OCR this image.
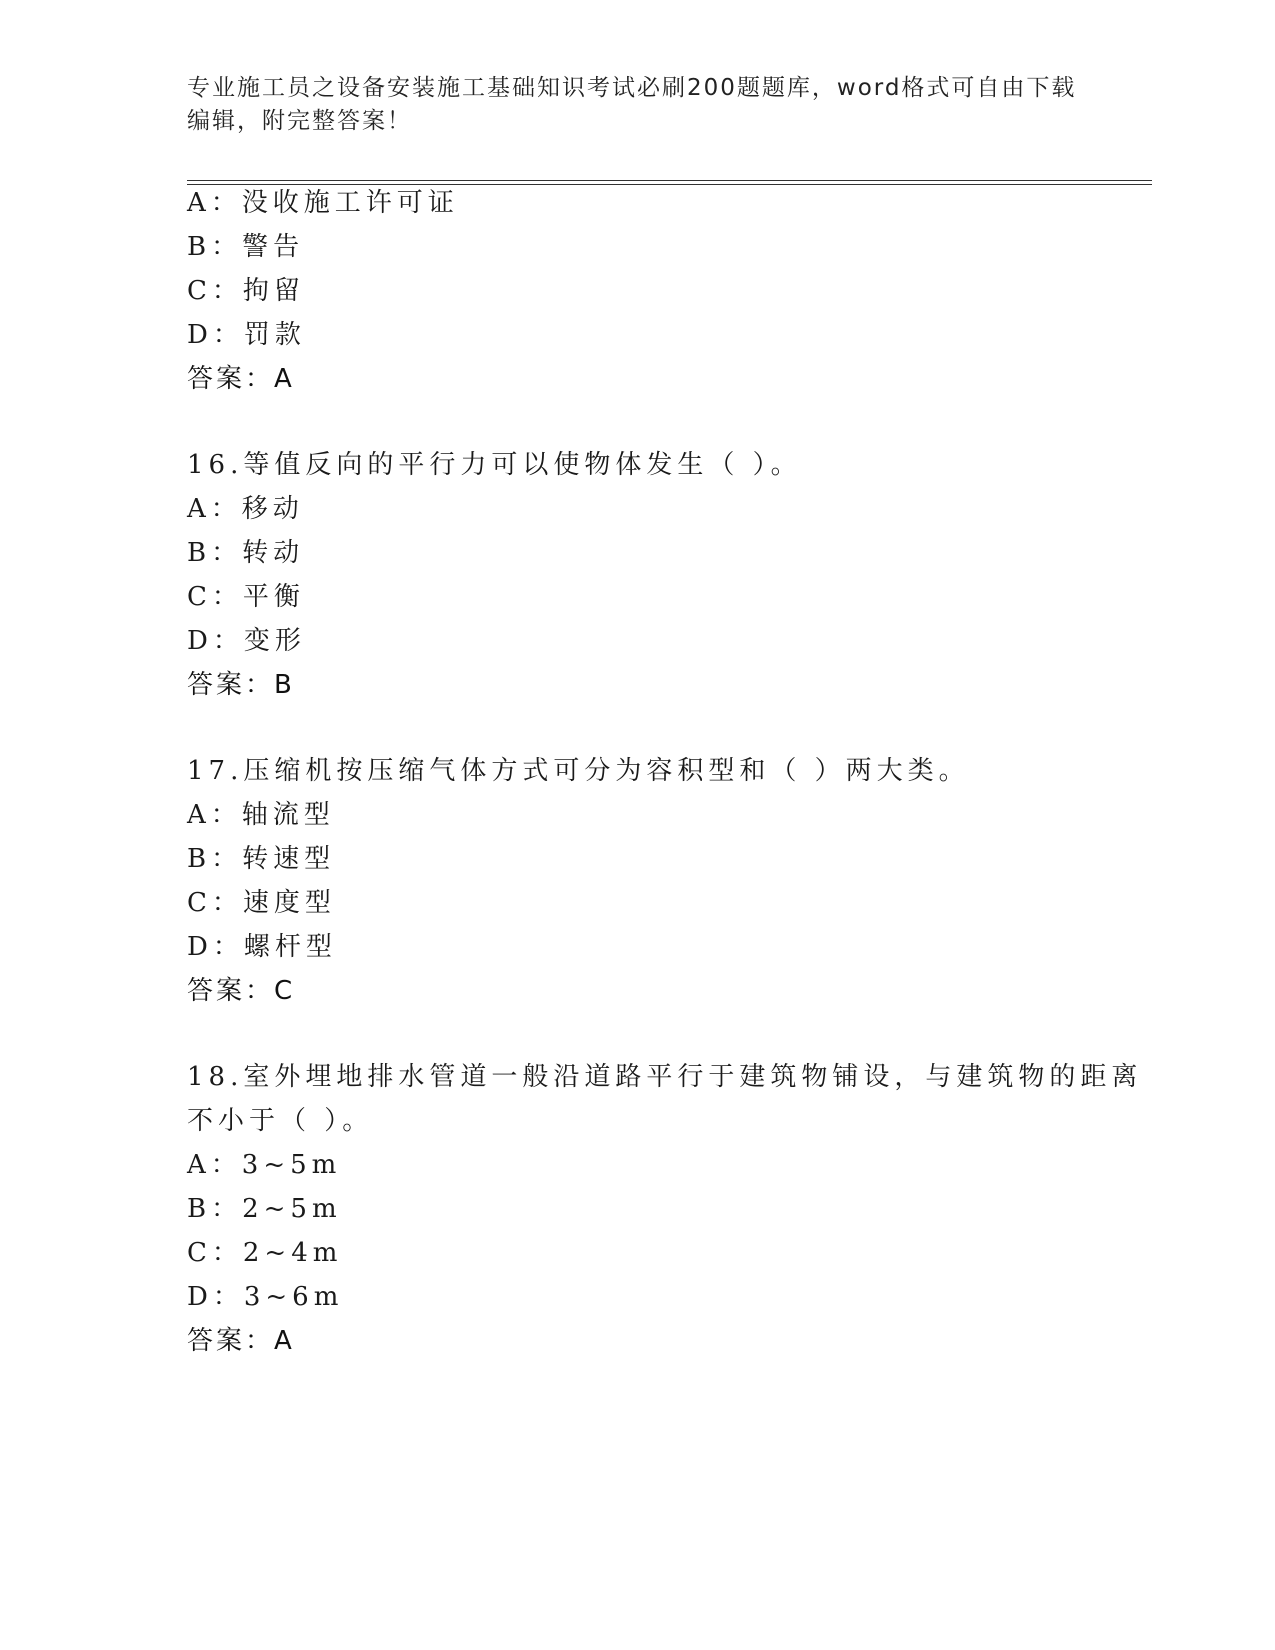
专业施工员之设备安装施工基础知识考试必刷200题题库，word格式可自由下载
编辑，附完整答案！
A：没收施工许可证
B：警告
C：拘留
D：罚款
答案：A
16.等值反向的平行力可以使物体发生（ ）。
A：移动
B：转动
C：平衡
D：变形
答案：B
17.压缩机按压缩气体方式可分为容积型和（ ）两大类。
A：轴流型
B：转速型
C：速度型
D：螺杆型
答案：C
18.室外埋地排水管道一般沿道路平行于建筑物铺设，与建筑物的距离
不小于（ ）。
A：3~5m
B：2~5m
C：2~4m
D：3~6m
答案：A
